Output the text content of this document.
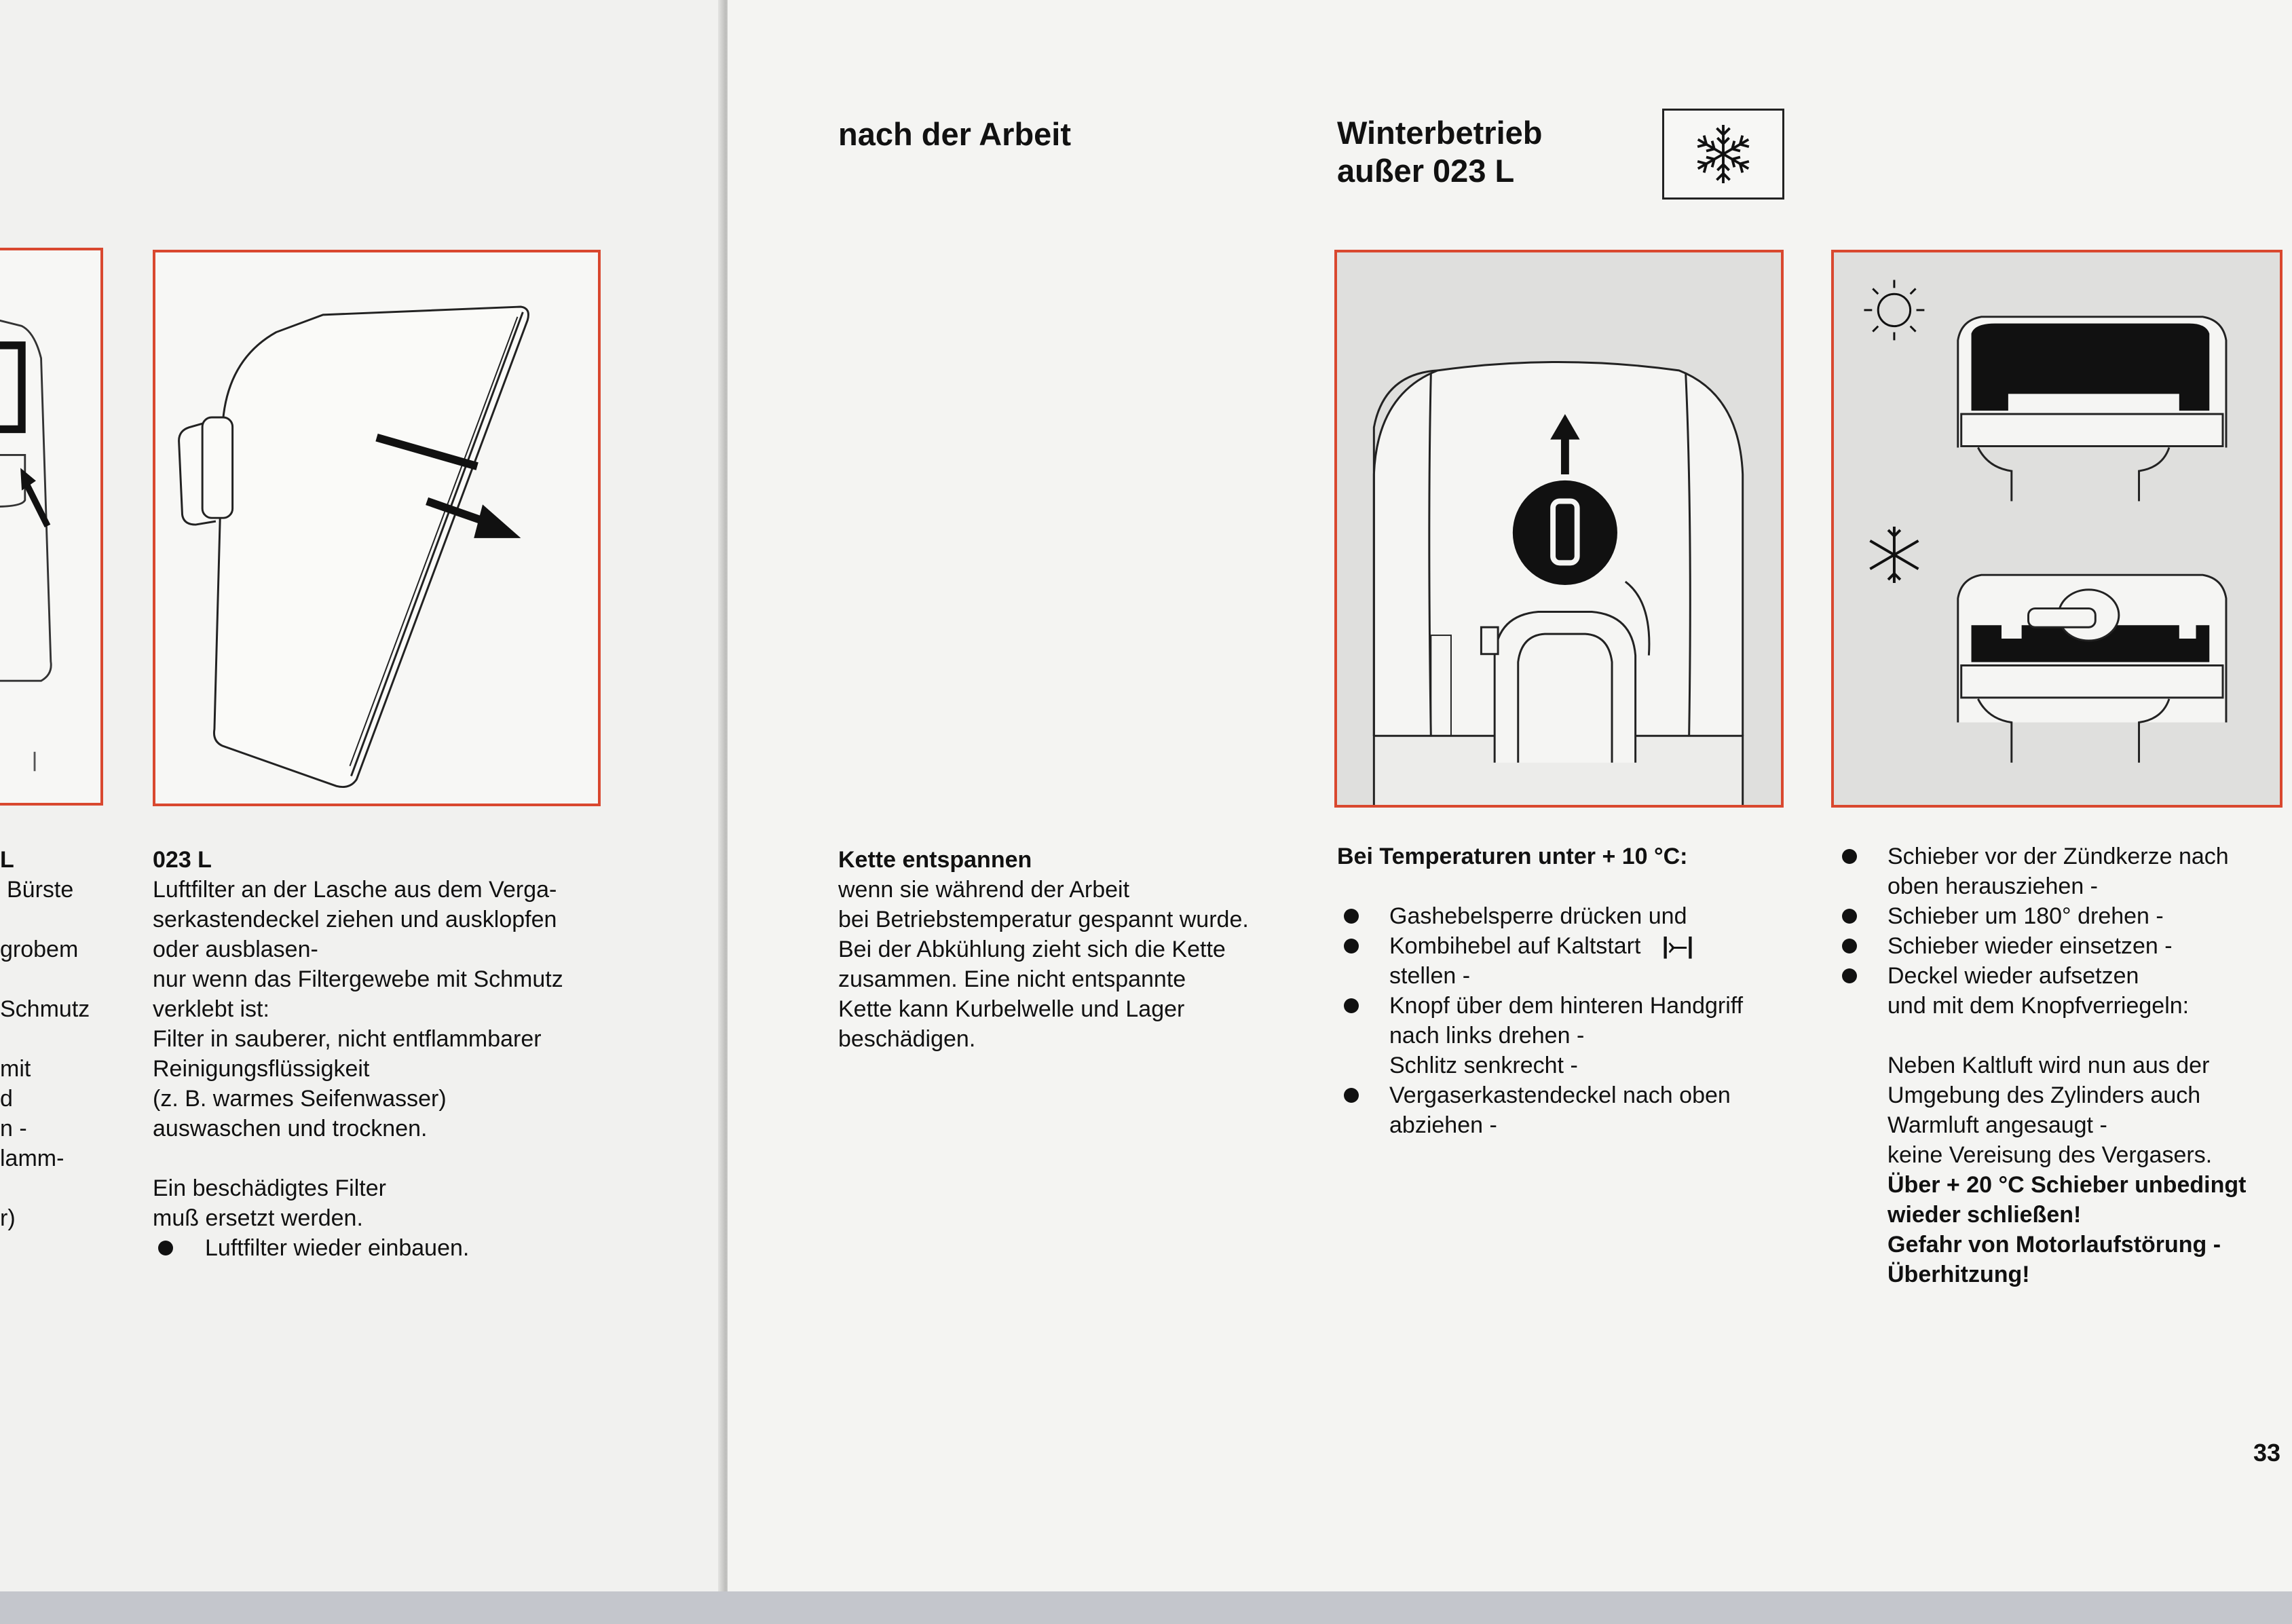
L
Bürste

grobem

Schmutz

mit
d
n -
lamm-

r)
023 L
Luftfilter an der Lasche aus dem Verga-
serkastendeckel ziehen und ausklopfen
oder ausblasen-
nur wenn das Filtergewebe mit Schmutz
verklebt ist:
Filter in sauberer, nicht entflammbarer
Reinigungsflüssigkeit
(z. B. warmes Seifenwasser)
auswaschen und trocknen.

Ein beschädigtes Filter
muß ersetzt werden.
Luftfilter wieder einbauen.
nach der Arbeit
Kette entspannen
wenn sie während der Arbeit
bei Betriebstemperatur gespannt wurde.
Bei der Abkühlung zieht sich die Kette
zusammen. Eine nicht entspannte
Kette kann Kurbelwelle und Lager
beschädigen.
Winterbetrieb
außer 023 L
Bei Temperaturen unter + 10 °C:

Gashebelsperre drücken und
Kombihebel auf Kaltstart |⤚|
stellen -
Knopf über dem hinteren Handgriff
nach links drehen -
Schlitz senkrecht -
Vergaserkastendeckel nach oben
abziehen -
Schieber vor der Zündkerze nach
oben herausziehen -
Schieber um 180° drehen -
Schieber wieder einsetzen -
Deckel wieder aufsetzen
und mit dem Knopfverriegeln:

Neben Kaltluft wird nun aus der
Umgebung des Zylinders auch
Warmluft angesaugt -
keine Vereisung des Vergasers.
Über + 20 °C Schieber unbedingt
wieder schließen!
Gefahr von Motorlaufstörung -
Überhitzung!
33
